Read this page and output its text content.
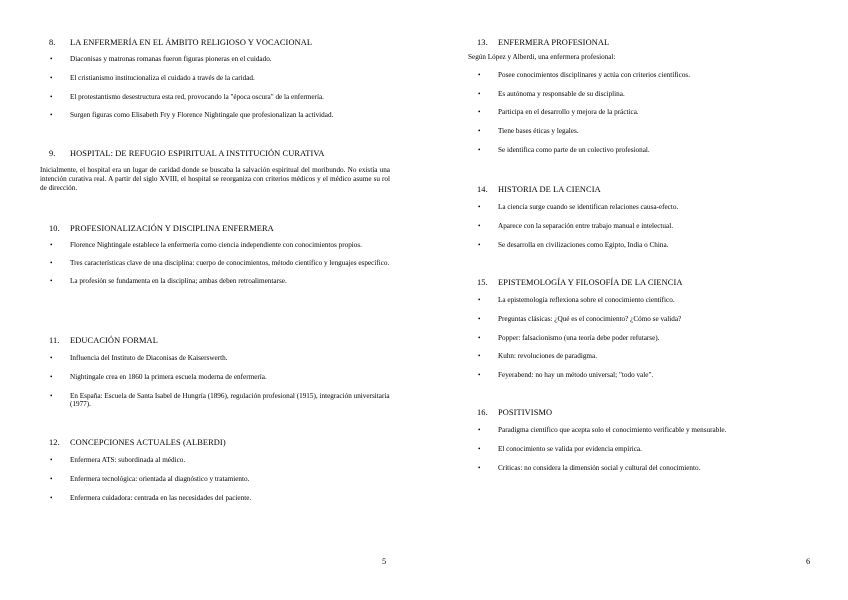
8. LA ENFERMERÍA EN EL ÁMBITO RELIGIOSO Y VOCACIONAL
• Diaconisas y matronas romanas fueron figuras pioneras en el cuidado.
• El cristianismo institucionaliza el cuidado a través de la caridad.
• El protestantismo desestructura esta red, provocando la "época oscura" de la enfermería.
• Surgen figuras como Elisabeth Fry y Florence Nightingale que profesionalizan la actividad.
9. HOSPITAL: DE REFUGIO ESPIRITUAL A INSTITUCIÓN CURATIVA
Inicialmente, el hospital era un lugar de caridad donde se buscaba la salvación espiritual del moribundo. No existía una intención curativa real. A partir del siglo XVIII, el hospital se reorganiza con criterios médicos y el médico asume su rol de dirección.
10. PROFESIONALIZACIÓN Y DISCIPLINA ENFERMERA
• Florence Nightingale establece la enfermería como ciencia independiente con conocimientos propios.
• Tres características clave de una disciplina: cuerpo de conocimientos, método científico y lenguajes específico.
• La profesión se fundamenta en la disciplina; ambas deben retroalimentarse.
11. EDUCACIÓN FORMAL
• Influencia del Instituto de Diaconisas de Kaiserswerth.
• Nightingale crea en 1860 la primera escuela moderna de enfermería.
• En España: Escuela de Santa Isabel de Hungría (1896), regulación profesional (1915), integración universitaria (1977).
12. CONCEPCIONES ACTUALES (ALBERDI)
• Enfermera ATS: subordinada al médico.
• Enfermera tecnológica: orientada al diagnóstico y tratamiento.
• Enfermera cuidadora: centrada en las necesidades del paciente.
5
13. ENFERMERA PROFESIONAL
Según López y Alberdi, una enfermera profesional:
• Posee conocimientos disciplinares y actúa con criterios científicos.
• Es autónoma y responsable de su disciplina.
• Participa en el desarrollo y mejora de la práctica.
• Tiene bases éticas y legales.
• Se identifica como parte de un colectivo profesional.
14. HISTORIA DE LA CIENCIA
• La ciencia surge cuando se identifican relaciones causa-efecto.
• Aparece con la separación entre trabajo manual e intelectual.
• Se desarrolla en civilizaciones como Egipto, India o China.
15. EPISTEMOLOGÍA Y FILOSOFÍA DE LA CIENCIA
• La epistemología reflexiona sobre el conocimiento científico.
• Preguntas clásicas: ¿Qué es el conocimiento? ¿Cómo se valida?
• Popper: falsacionismo (una teoría debe poder refutarse).
• Kuhn: revoluciones de paradigma.
• Feyerabend: no hay un método universal; "todo vale".
16. POSITIVISMO
• Paradigma científico que acepta solo el conocimiento verificable y mensurable.
• El conocimiento se valida por evidencia empírica.
• Críticas: no considera la dimensión social y cultural del conocimiento.
6
